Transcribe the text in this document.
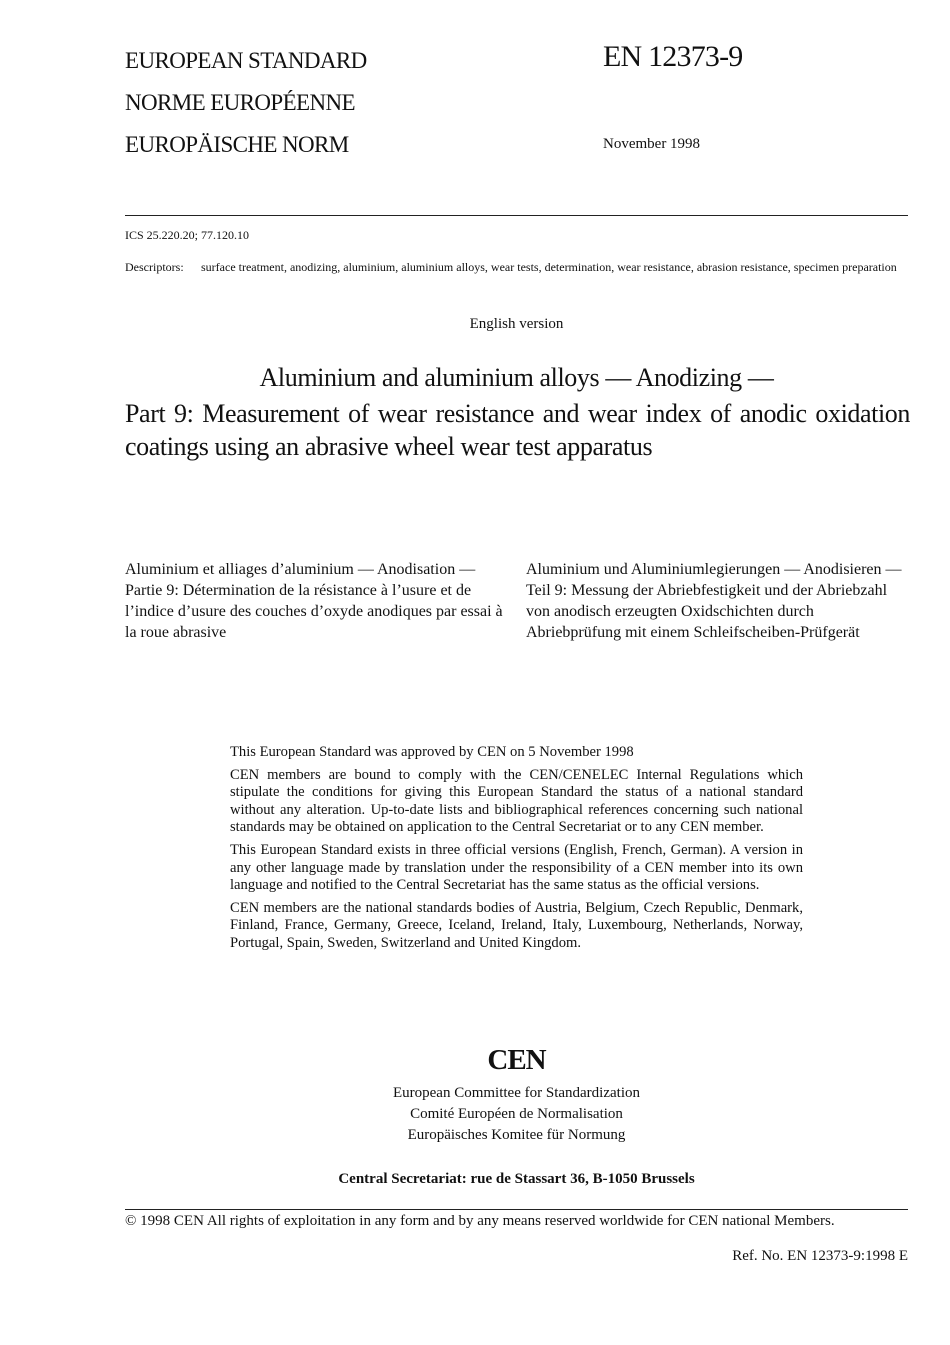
EUROPEAN STANDARD
NORME EUROPÉENNE
EUROPÄISCHE NORM
EN 12373-9
November 1998
ICS 25.220.20; 77.120.10
Descriptors:	surface treatment, anodizing, aluminium, aluminium alloys, wear tests, determination, wear resistance, abrasion resistance, specimen preparation
English version
Aluminium and aluminium alloys — Anodizing —
Part 9: Measurement of wear resistance and wear index of anodic oxidation coatings using an abrasive wheel wear test apparatus
Aluminium et alliages d’aluminium — Anodisation — Partie 9: Détermination de la résistance à l’usure et de l’indice d’usure des couches d’oxyde anodiques par essai à la roue abrasive
Aluminium und Aluminiumlegierungen — Anodisieren — Teil 9: Messung der Abriebfestigkeit und der Abriebzahl von anodisch erzeugten Oxidschichten durch Abriebprüfung mit einem Schleifscheiben-Prüfgerät

This European Standard was approved by CEN on 5 November 1998

CEN members are bound to comply with the CEN/CENELEC Internal Regulations which stipulate the conditions for giving this European Standard the status of a national standard without any alteration. Up-to-date lists and bibliographical references concerning such national standards may be obtained on application to the Central Secretariat or to any CEN member.

This European Standard exists in three official versions (English, French, German). A version in any other language made by translation under the responsibility of a CEN member into its own language and notified to the Central Secretariat has the same status as the official versions.

CEN members are the national standards bodies of Austria, Belgium, Czech Republic, Denmark, Finland, France, Germany, Greece, Iceland, Ireland, Italy, Luxembourg, Netherlands, Norway, Portugal, Spain, Sweden, Switzerland and United Kingdom.

CEN
European Committee for Standardization
Comité Européen de Normalisation
Europäisches Komitee für Normung
Central Secretariat: rue de Stassart 36, B-1050 Brussels
© 1998 CEN All rights of exploitation in any form and by any means reserved worldwide for CEN national Members.
Ref. No. EN 12373-9:1998 E
